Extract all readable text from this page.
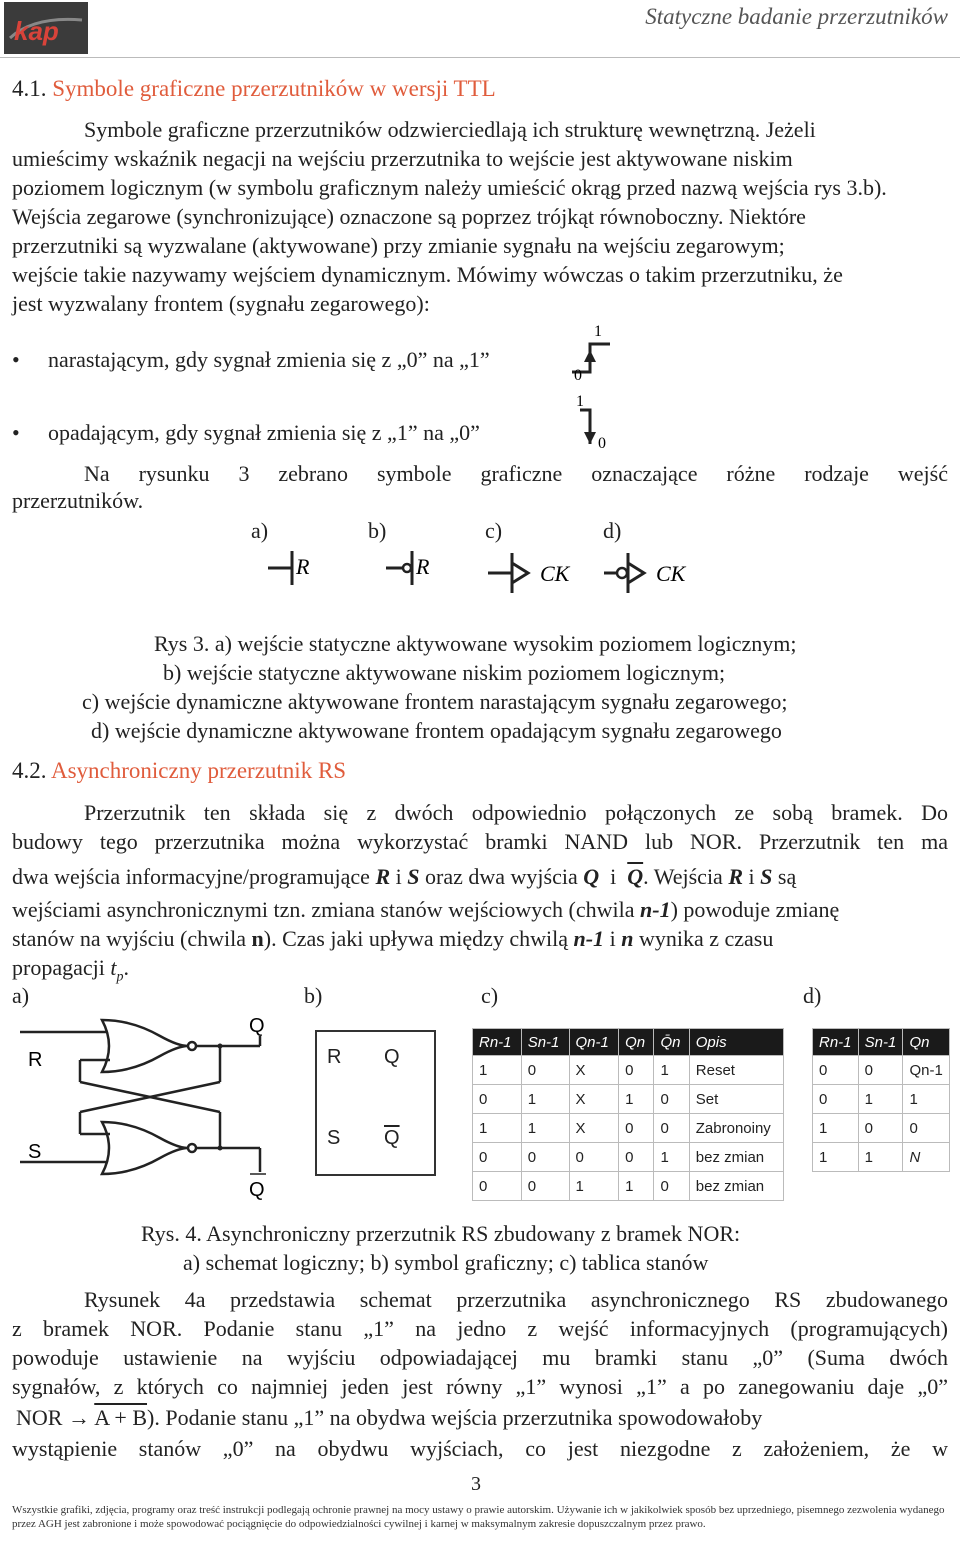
kap	Statyczne badanie przerzutników
4.1. Symbole graficzne przerzutników w wersji TTL
Symbole graficzne przerzutników odzwierciedlają ich strukturę wewnętrzną. Jeżeli
umieścimy wskaźnik negacji na wejściu przerzutnika to wejście jest aktywowane niskim
poziomem logicznym (w symbolu graficznym należy umieścić okrąg przed nazwą wejścia rys 3.b).
Wejścia zegarowe (synchronizujące) oznaczone są poprzez trójkąt równoboczny. Niektóre
przerzutniki są wyzwalane (aktywowane) przy zmianie sygnału na wejściu zegarowym;
wejście takie nazywamy wejściem dynamicznym. Mówimy wówczas o takim przerzutniku, że
jest wyzwalany frontem (sygnału zegarowego):
• narastającym, gdy sygnał zmienia się z „0” na „1”
• opadającym, gdy sygnał zmienia się z „1” na „0”
1
0
1
0
Na rysunku 3 zebrano symbole graficzne oznaczające różne rodzaje wejść
przerzutników.
a)	b)	c)	d)
R	R	CK	CK
Rys 3. a) wejście statyczne aktywowane wysokim poziomem logicznym;
b) wejście statyczne aktywowane niskim poziomem logicznym;
c) wejście dynamiczne aktywowane frontem narastającym sygnału zegarowego;
d) wejście dynamiczne aktywowane frontem opadającym sygnału zegarowego
4.2. Asynchroniczny przerzutnik RS
Przerzutnik ten składa się z dwóch odpowiednio połączonych ze sobą bramek. Do
budowy tego przerzutnika można wykorzystać bramki NAND lub NOR. Przerzutnik ten ma
dwa wejścia informacyjne/programujące R i S oraz dwa wyjścia Q i $\overline{Q}$. Wejścia R i S są
wejściami asynchronicznymi tzn. zmiana stanów wejściowych (chwila n-1) powoduje zmianę
stanów na wyjściu (chwila n). Czas jaki upływa między chwilą n-1 i n wynika z czasu
propagacji $t_p$.
a)	b)	c)	d)
R
S
Q
Q
R Q
S $\overline{Q}$
Rn-1	Sn-1	Qn-1	Qn	Q̄n	Opis
1	0	X	0	1	Reset
0	1	X	1	0	Set
1	1	X	0	0	Zabronoiny
0	0	0	0	1	bez zmian
0	0	1	1	0	bez zmian
Rn-1	Sn-1	Qn
0	0	Qn-1
0	1	1
1	0	0
1	1	N
Rys. 4. Asynchroniczny przerzutnik RS zbudowany z bramek NOR:
a) schemat logiczny; b) symbol graficzny; c) tablica stanów
Rysunek 4a przedstawia schemat przerzutnika asynchronicznego RS zbudowanego
z bramek NOR. Podanie stanu „1” na jedno z wejść informacyjnych (programujących)
powoduje ustawienie na wyjściu odpowiadającej mu bramki stanu „0” (Suma dwóch
sygnałów, z których co najmniej jeden jest równy „1” wynosi „1” a po zanegowaniu daje „0”
NOR → A + B). Podanie stanu „1” na obydwa wejścia przerzutnika spowodowałoby
wystąpienie stanów „0” na obydwu wyjściach, co jest niezgodne z założeniem, że w
3
Wszystkie grafiki, zdjęcia, programy oraz treść instrukcji podlegają ochronie prawnej na mocy ustawy o prawie autorskim. Używanie ich w jakikolwiek sposób bez uprzedniego, pisemnego zezwolenia wydanego przez AGH jest zabronione i może spowodować pociągnięcie do odpowiedzialności cywilnej i karnej w maksymalnym zakresie dopuszczalnym przez prawo.
